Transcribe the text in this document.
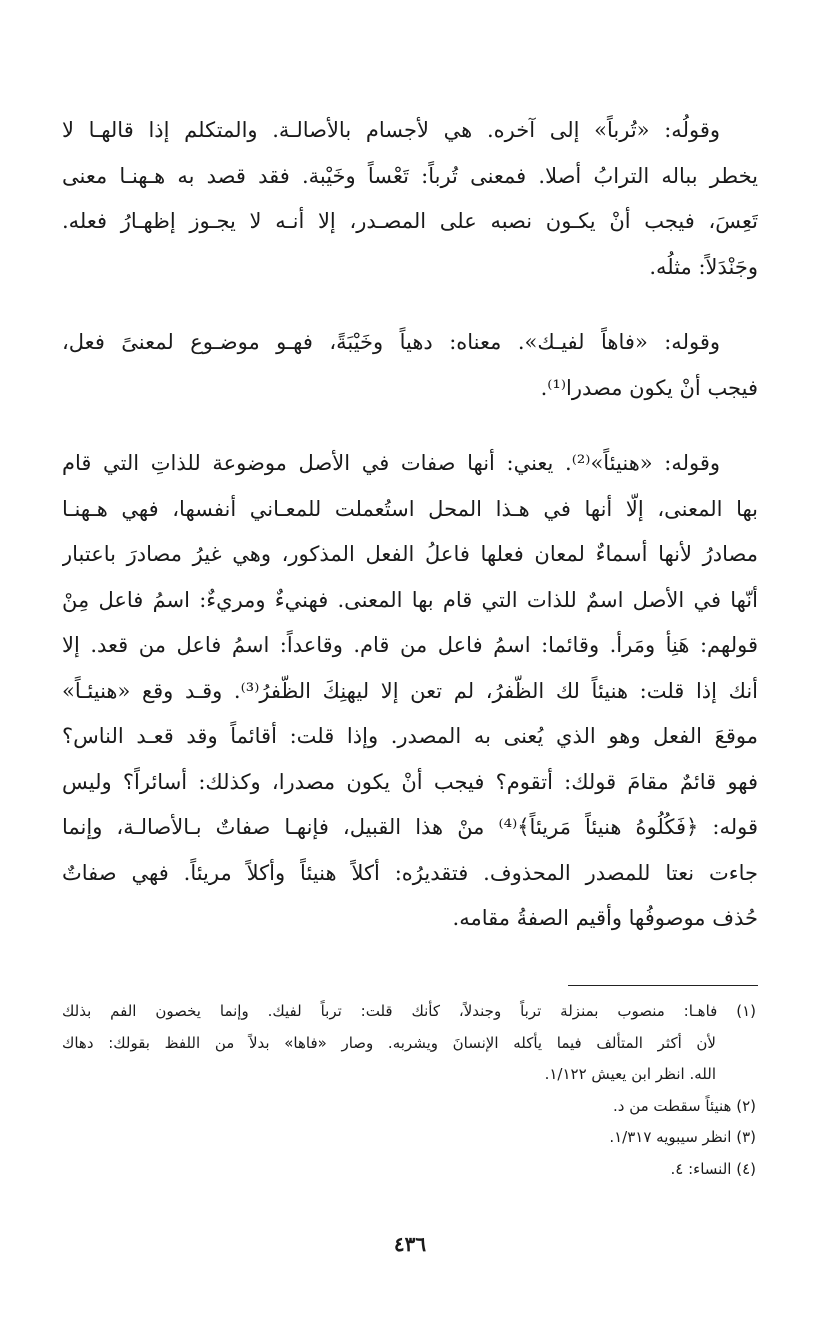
وقولُه: «تُرباً» إلى آخره. هي لأجسام بالأصالـة. والمتكلم إذا قالهـا لا
يخطر بباله الترابُ أصلا. فمعنى تُرباً: تَعْساً وخَيْبة. فقد قصد به هـهنـا معنى
تَعِسَ، فيجب أنْ يكـون نصبه على المصـدر، إلا أنـه لا يجـوز إظهـارُ فعله.
وجَنْدَلاً: مثلُه.

وقوله: «فاهاً لفيـك». معناه: دهياً وخَيْبَةً، فهـو موضـوع لمعنىً فعل،
فيجب أنْ يكون مصدرا⁽¹⁾.

وقوله: «هنيئاً»⁽²⁾. يعني: أنها صفات في الأصل موضوعة للذاتِ التي قام
بها المعنى، إلّا أنها في هـذا المحل استُعملت للمعـاني أنفسها، فهي هـهنـا
مصادرُ لأنها أسماءٌ لمعان فعلها فاعلُ الفعل المذكور، وهي غيرُ مصادرَ باعتبار
أنّها في الأصل اسمٌ للذات التي قام بها المعنى. فهنيءٌ ومريءٌ: اسمُ فاعل مِنْ
قولهم: هَنِأ ومَرأ. وقائما: اسمُ فاعل من قام. وقاعداً: اسمُ فاعل من قعد. إلا
أنك إذا قلت: هنيئاً لك الظّفرُ، لم تعن إلا ليهنِكَ الظّفرُ⁽³⁾. وقـد وقع «هنيئـاً»
موقعَ الفعل وهو الذي يُعنى به المصدر. وإذا قلت: أقائماً وقد قعـد الناس؟
فهو قائمٌ مقامَ قولك: أتقوم؟ فيجب أنْ يكون مصدرا، وكذلك: أسائراً؟ وليس
قوله: ﴿فَكُلُوهُ هنيئاً مَريئاً﴾⁽⁴⁾ منْ هذا القبيل، فإنهـا صفاتٌ بـالأصالـة، وإنما
جاءت نعتا للمصدر المحذوف. فتقديرُه: أكلاً هنيئاً وأكلاً مريئاً. فهي صفاتٌ
حُذف موصوفُها وأقيم الصفةُ مقامه.

(١) فاهـا: منصوب بمنزلة ترباً وجندلاً، كأنك قلت: ترباً لفيك. وإنما يخصون الفم بذلك
لأن أكثر المتألف فيما يأكله الإنسانَ ويشربه. وصار «فاها» بدلاً من اللفظ بقولك: دهاك
الله. انظر ابن يعيش ١/١٢٢.
(٢) هنيئاً سقطت من د.
(٣) انظر سيبويه ١/٣١٧.
(٤) النساء: ٤.
٤٣٦
